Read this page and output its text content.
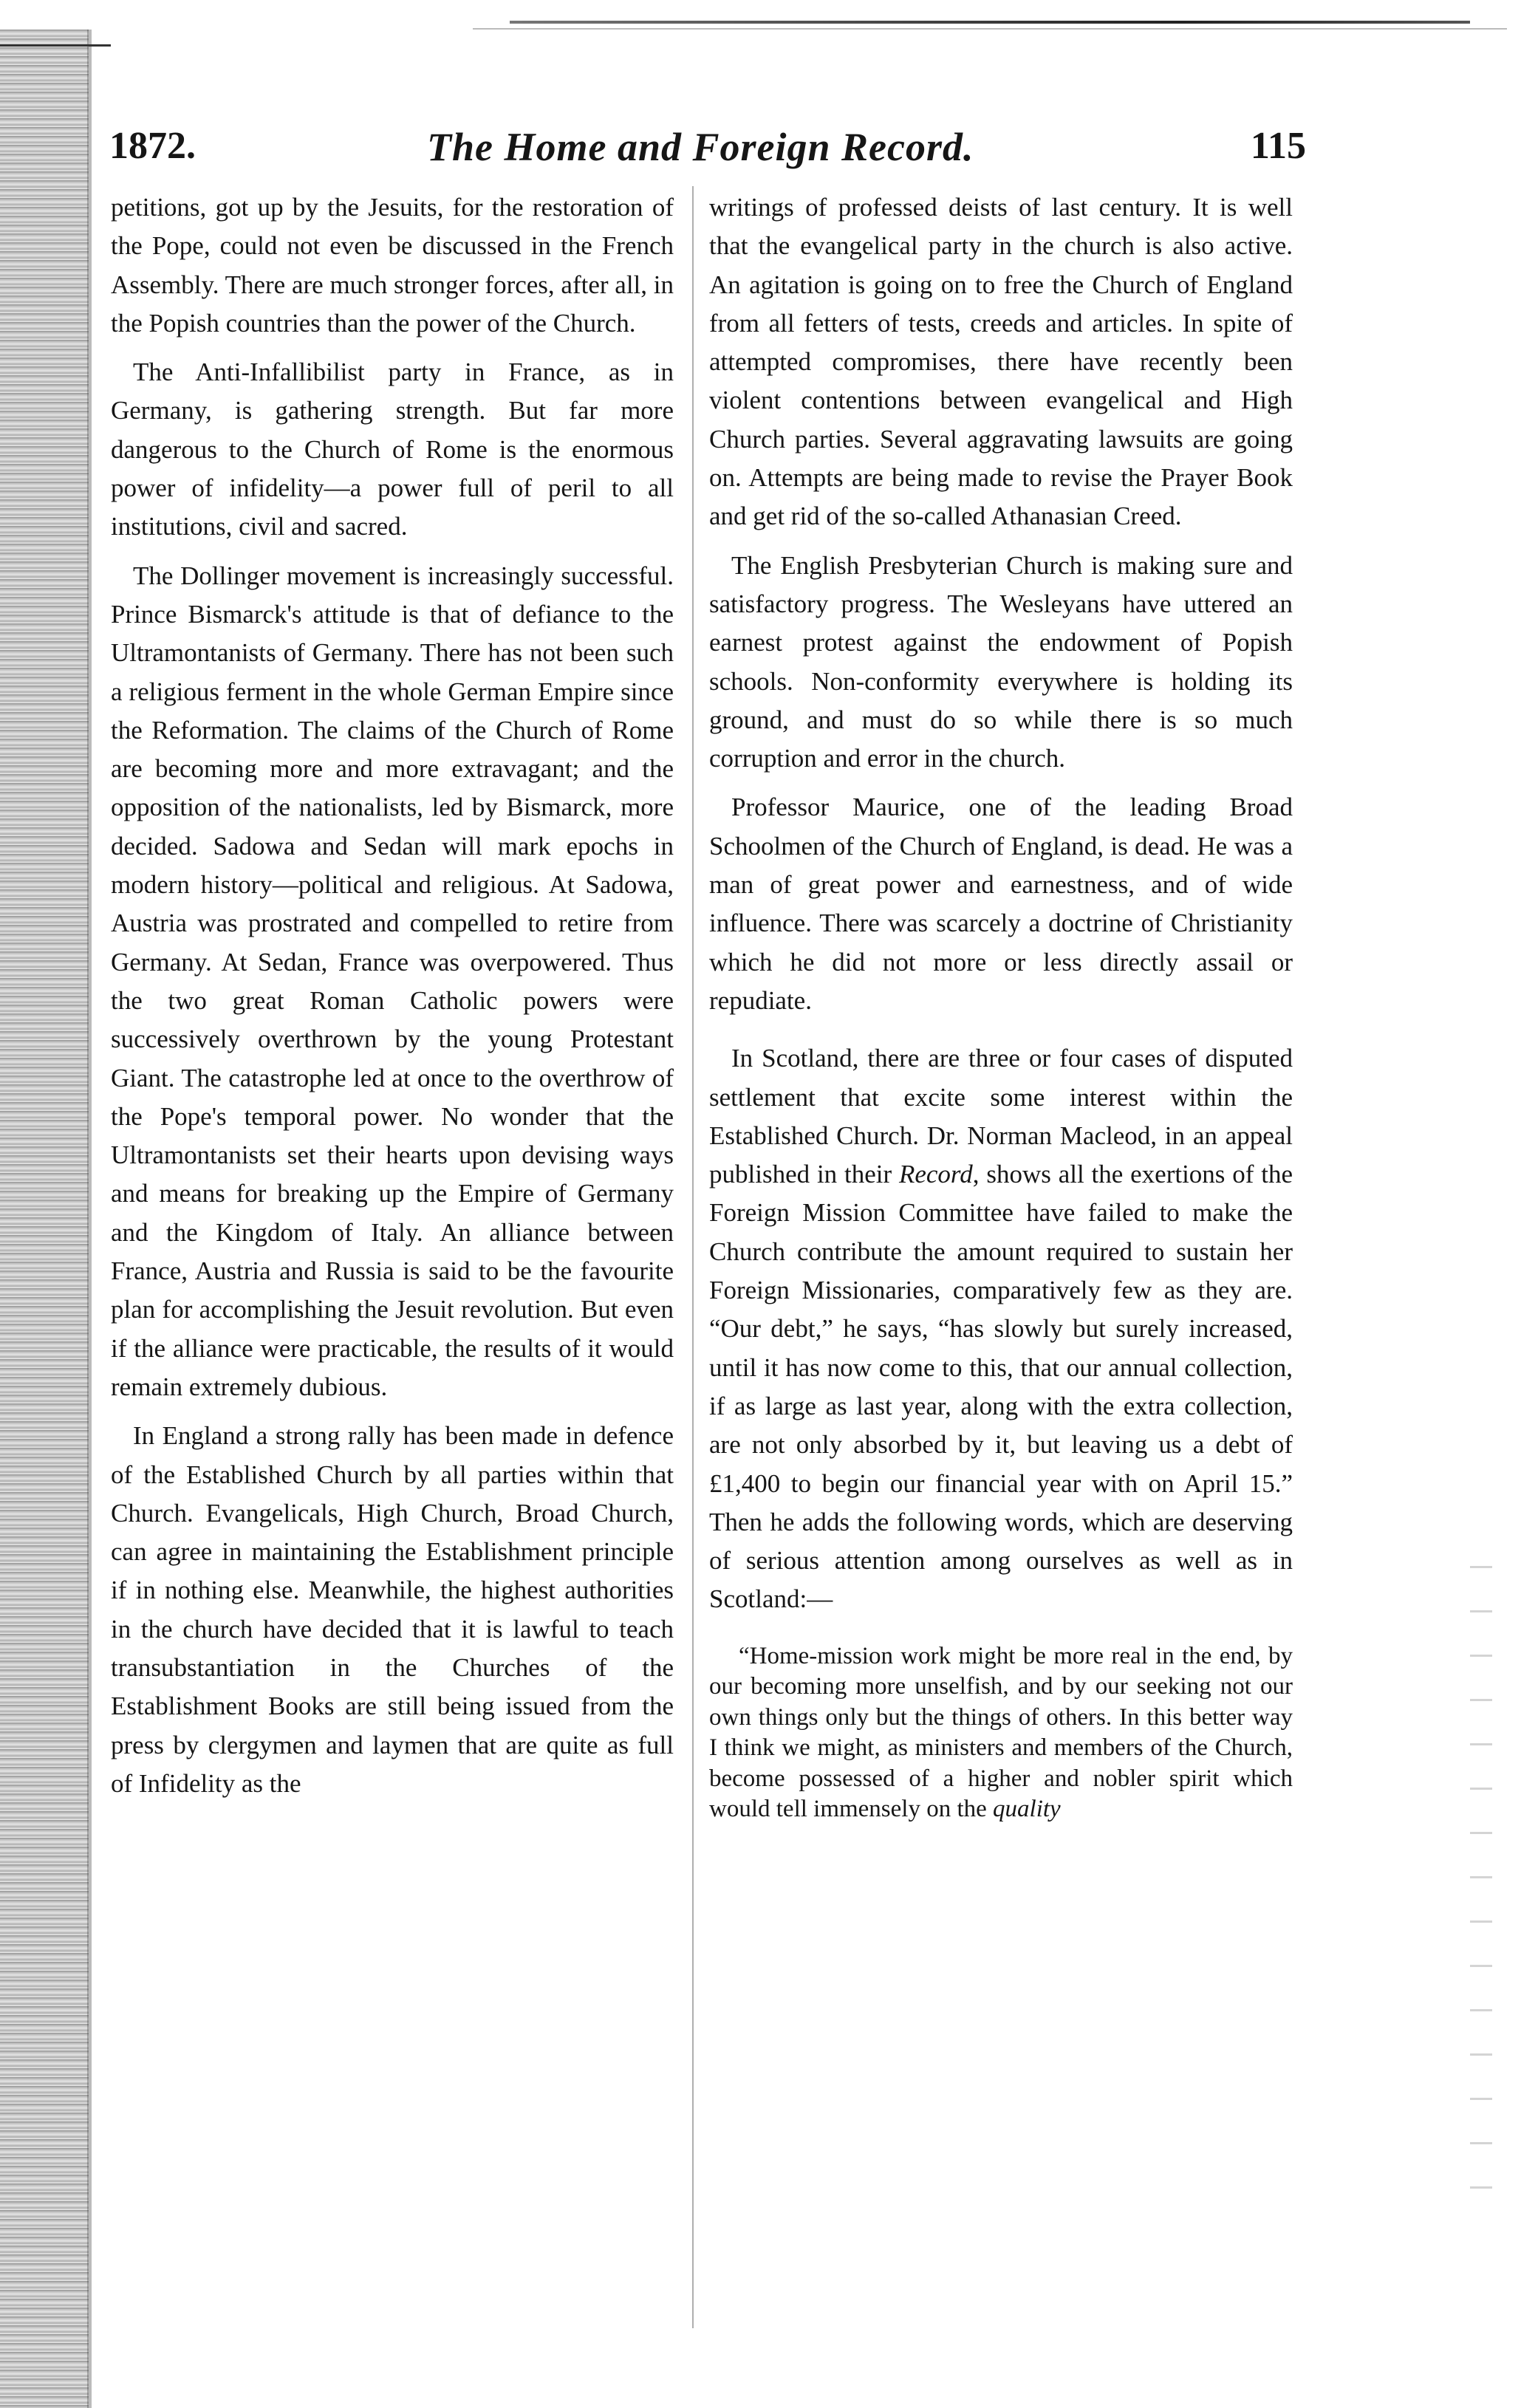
1872.	The Home and Foreign Record.	115

petitions, got up by the Jesuits, for the restoration of the Pope, could not even be discussed in the French Assembly. There are much stronger forces, after all, in the Popish countries than the power of the Church.

The Anti-Infallibilist party in France, as in Germany, is gathering strength. But far more dangerous to the Church of Rome is the enormous power of infidelity—a power full of peril to all institutions, civil and sacred.

The Dollinger movement is increasingly successful. Prince Bismarck's attitude is that of defiance to the Ultramontanists of Germany. There has not been such a religious ferment in the whole German Empire since the Reformation. The claims of the Church of Rome are becoming more and more extravagant; and the opposition of the nationalists, led by Bismarck, more decided. Sadowa and Sedan will mark epochs in modern history—political and religious. At Sadowa, Austria was prostrated and compelled to retire from Germany. At Sedan, France was overpowered. Thus the two great Roman Catholic powers were successively overthrown by the young Protestant Giant. The catastrophe led at once to the overthrow of the Pope's temporal power. No wonder that the Ultramontanists set their hearts upon devising ways and means for breaking up the Empire of Germany and the Kingdom of Italy. An alliance between France, Austria and Russia is said to be the favourite plan for accomplishing the Jesuit revolution. But even if the alliance were practicable, the results of it would remain extremely dubious.

In England a strong rally has been made in defence of the Established Church by all parties within that Church. Evangelicals, High Church, Broad Church, can agree in maintaining the Establishment principle if in nothing else. Meanwhile, the highest authorities in the church have decided that it is lawful to teach transubstantiation in the Churches of the Establishment Books are still being issued from the press by clergymen and laymen that are quite as full of Infidelity as the

writings of professed deists of last century. It is well that the evangelical party in the church is also active. An agitation is going on to free the Church of England from all fetters of tests, creeds and articles. In spite of attempted compromises, there have recently been violent contentions between evangelical and High Church parties. Several aggravating lawsuits are going on. Attempts are being made to revise the Prayer Book and get rid of the so-called Athanasian Creed.

The English Presbyterian Church is making sure and satisfactory progress. The Wesleyans have uttered an earnest protest against the endowment of Popish schools. Non-conformity everywhere is holding its ground, and must do so while there is so much corruption and error in the church.

Professor Maurice, one of the leading Broad Schoolmen of the Church of England, is dead. He was a man of great power and earnestness, and of wide influence. There was scarcely a doctrine of Christianity which he did not more or less directly assail or repudiate.

In Scotland, there are three or four cases of disputed settlement that excite some interest within the Established Church. Dr. Norman Macleod, in an appeal published in their Record, shows all the exertions of the Foreign Mission Committee have failed to make the Church contribute the amount required to sustain her Foreign Missionaries, comparatively few as they are. “Our debt,” he says, “has slowly but surely increased, until it has now come to this, that our annual collection, if as large as last year, along with the extra collection, are not only absorbed by it, but leaving us a debt of £1,400 to begin our financial year with on April 15.” Then he adds the following words, which are deserving of serious attention among ourselves as well as in Scotland:—

“Home-mission work might be more real in the end, by our becoming more unselfish, and by our seeking not our own things only but the things of others. In this better way I think we might, as ministers and members of the Church, become possessed of a higher and nobler spirit which would tell immensely on the quality
